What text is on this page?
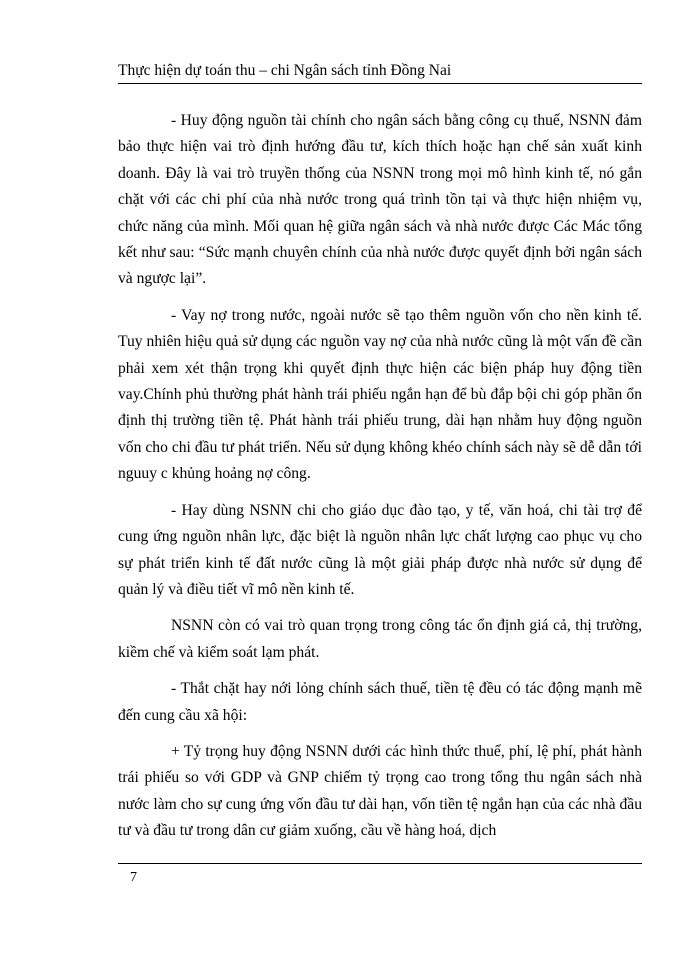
Thực hiện dự toán thu – chi Ngân sách tỉnh Đồng Nai

- Huy động nguồn tài chính cho ngân sách bằng công cụ thuế, NSNN đảm bảo thực hiện vai trò định hướng đầu tư, kích thích hoặc hạn chế sản xuất kinh doanh. Đây là vai trò truyền thống của NSNN trong mọi mô hình kinh tế, nó gắn chặt với các chi phí của nhà nước trong quá trình tồn tại và thực hiện nhiệm vụ, chức năng của mình. Mối quan hệ giữa ngân sách và nhà nước được Các Mác tổng kết như sau: “Sức mạnh chuyên chính của nhà nước được quyết định bởi ngân sách và ngược lại”.

- Vay nợ trong nước, ngoài nước sẽ tạo thêm nguồn vốn cho nền kinh tế. Tuy nhiên hiệu quả sử dụng các nguồn vay nợ của nhà nước cũng là một vấn đề cần phải xem xét thận trọng khi quyết định thực hiện các biện pháp huy động tiền vay.Chính phủ thường phát hành trái phiếu ngắn hạn để bù đắp bội chi góp phần ổn định thị trường tiền tệ. Phát hành trái phiếu trung, dài hạn nhằm huy động nguồn vốn cho chi đầu tư phát triển. Nếu sử dụng không khéo chính sách này sẽ dễ dẫn tới nguuy c khủng hoảng nợ công.

- Hay dùng NSNN chi cho giáo dục đào tạo, y tế, văn hoá, chi tài trợ để cung ứng nguồn nhân lực, đặc biệt là nguồn nhân lực chất lượng cao phục vụ cho sự phát triển kinh tế đất nước cũng là một giải pháp được nhà nước sử dụng để quản lý và điều tiết vĩ mô nền kinh tế.

NSNN còn có vai trò quan trọng trong công tác ổn định giá cả, thị trường, kiềm chế và kiểm soát lạm phát.

- Thắt chặt hay nới lỏng chính sách thuế, tiền tệ đều có tác động mạnh mẽ đến cung cầu xã hội:

+ Tỷ trọng huy động NSNN dưới các hình thức thuế, phí, lệ phí, phát hành trái phiếu so với GDP và GNP chiếm tỷ trọng cao trong tổng thu ngân sách nhà nước làm cho sự cung ứng vốn đầu tư dài hạn, vốn tiền tệ ngắn hạn của các nhà đầu tư và đầu tư trong dân cư giảm xuống, cầu về hàng hoá, dịch

7
